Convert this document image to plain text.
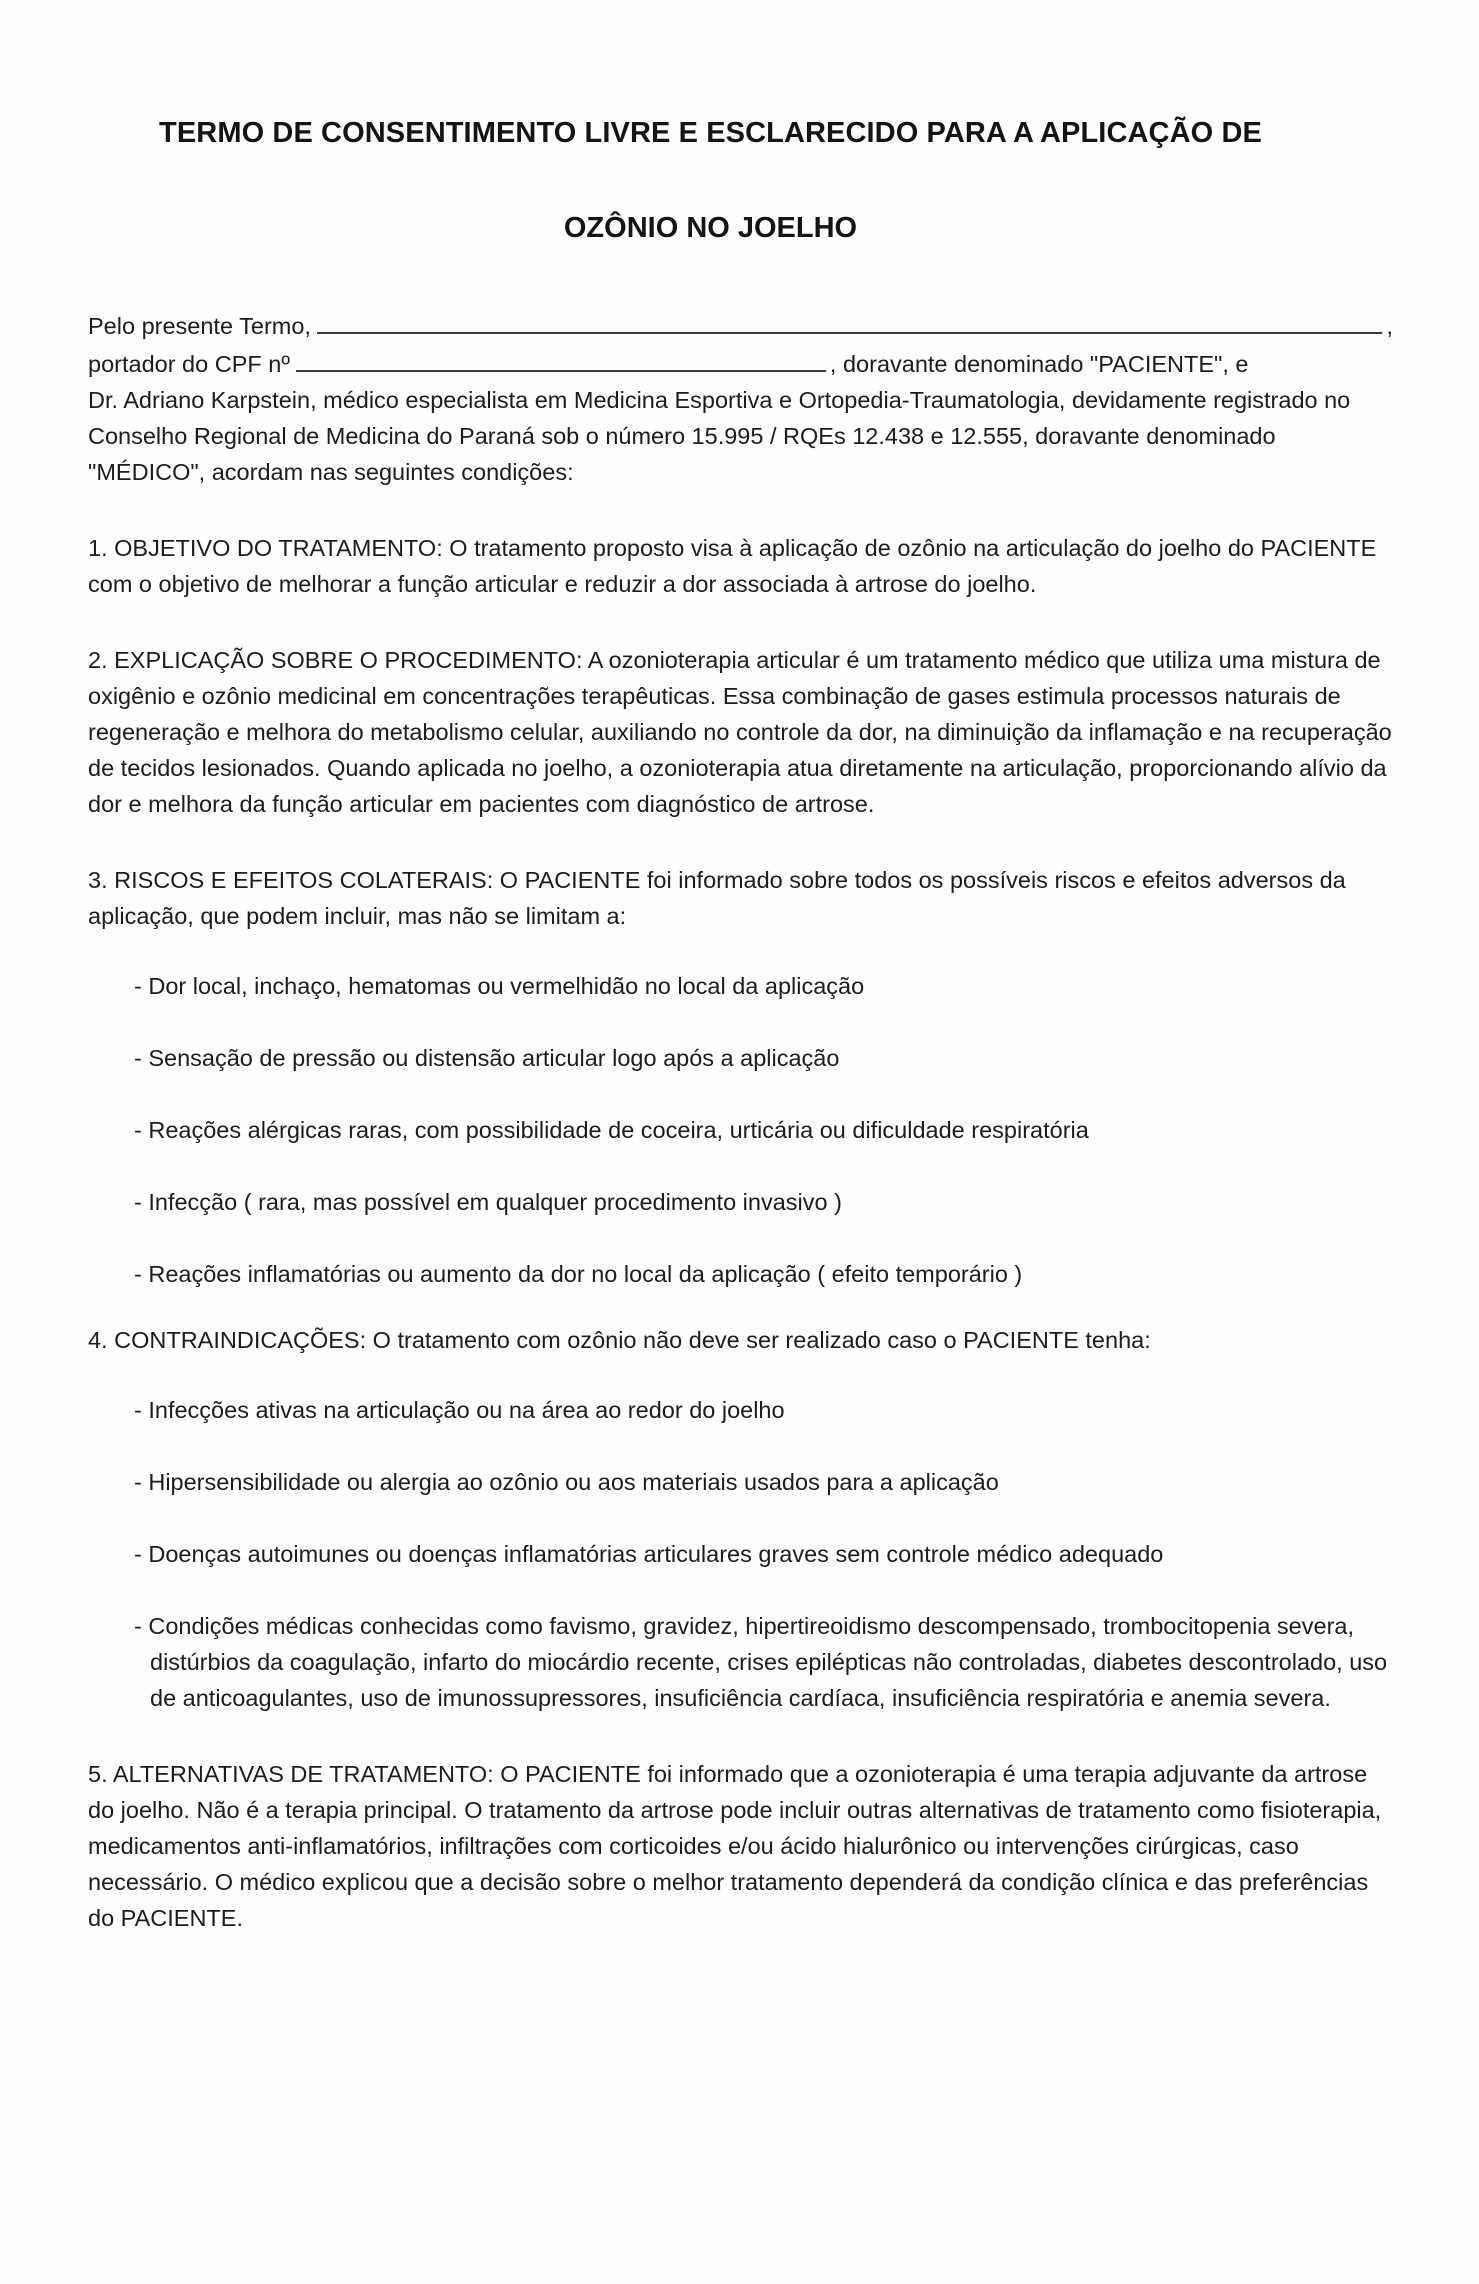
TERMO DE CONSENTIMENTO LIVRE E ESCLARECIDO PARA A APLICAÇÃO DE
OZÔNIO NO JOELHO
Pelo presente Termo,	,
portador do CPF nº	, doravante denominado "PACIENTE", e

Dr. Adriano Karpstein, médico especialista em Medicina Esportiva e Ortopedia-Traumatologia, devidamente registrado no Conselho Regional de Medicina do Paraná sob o número 15.995 / RQEs 12.438 e 12.555, doravante denominado "MÉDICO", acordam nas seguintes condições:

1. OBJETIVO DO TRATAMENTO: O tratamento proposto visa à aplicação de ozônio na articulação do joelho do PACIENTE com o objetivo de melhorar a função articular e reduzir a dor associada à artrose do joelho.

2. EXPLICAÇÃO SOBRE O PROCEDIMENTO: A ozonioterapia articular é um tratamento médico que utiliza uma mistura de oxigênio e ozônio medicinal em concentrações terapêuticas. Essa combinação de gases estimula processos naturais de regeneração e melhora do metabolismo celular, auxiliando no controle da dor, na diminuição da inflamação e na recuperação de tecidos lesionados. Quando aplicada no joelho, a ozonioterapia atua diretamente na articulação, proporcionando alívio da dor e melhora da função articular em pacientes com diagnóstico de artrose.

3. RISCOS E EFEITOS COLATERAIS: O PACIENTE foi informado sobre todos os possíveis riscos e efeitos adversos da aplicação, que podem incluir, mas não se limitam a:

- Dor local, inchaço, hematomas ou vermelhidão no local da aplicação
- Sensação de pressão ou distensão articular logo após a aplicação
- Reações alérgicas raras, com possibilidade de coceira, urticária ou dificuldade respiratória
- Infecção ( rara, mas possível em qualquer procedimento invasivo )
- Reações inflamatórias ou aumento da dor no local da aplicação ( efeito temporário )

4. CONTRAINDICAÇÕES: O tratamento com ozônio não deve ser realizado caso o PACIENTE tenha:

- Infecções ativas na articulação ou na área ao redor do joelho
- Hipersensibilidade ou alergia ao ozônio ou aos materiais usados para a aplicação
- Doenças autoimunes ou doenças inflamatórias articulares graves sem controle médico adequado
- Condições médicas conhecidas como favismo, gravidez, hipertireoidismo descompensado, trombocitopenia severa, distúrbios da coagulação, infarto do miocárdio recente, crises epilépticas não controladas, diabetes descontrolado, uso de anticoagulantes, uso de imunossupressores, insuficiência cardíaca, insuficiência respiratória e anemia severa.

5. ALTERNATIVAS DE TRATAMENTO: O PACIENTE foi informado que a ozonioterapia é uma terapia adjuvante da artrose do joelho. Não é a terapia principal. O tratamento da artrose pode incluir outras alternativas de tratamento como fisioterapia, medicamentos anti-inflamatórios, infiltrações com corticoides e/ou ácido hialurônico ou intervenções cirúrgicas, caso necessário. O médico explicou que a decisão sobre o melhor tratamento dependerá da condição clínica e das preferências do PACIENTE.
